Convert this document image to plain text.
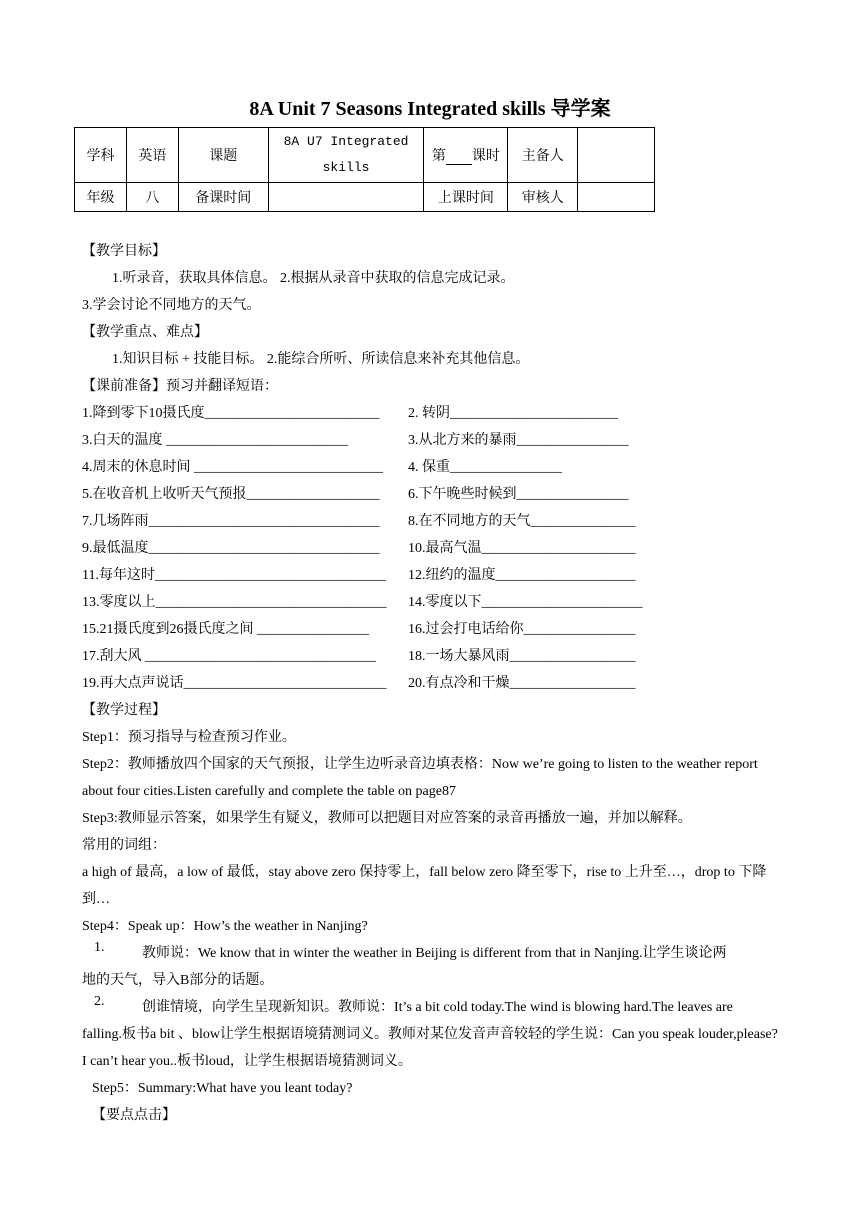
8A Unit 7 Seasons Integrated skills 导学案
学科	英语	课题	8A U7 Integrated skills	第 课时	主备人	
年级	八	备课时间		上课时间	审核人	
【教学目标】
1.听录音，获取具体信息。 2.根据从录音中获取的信息完成记录。
3.学会讨论不同地方的天气。
【教学重点、难点】
1.知识目标 + 技能目标。 2.能综合所听、所读信息来补充其他信息。
【课前准备】预习并翻译短语：
1.降到零下10摄氏度_________________________ 2. 转阴________________________
3.白天的温度 __________________________	3.从北方来的暴雨________________
4.周末的休息时间 ___________________________ 4. 保重________________
5.在收音机上收听天气预报___________________ 6.下午晚些时候到________________
7.几场阵雨_________________________________ 8.在不同地方的天气_______________
9.最低温度_________________________________ 10.最高气温______________________
11.每年这时_________________________________ 12.纽约的温度____________________
13.零度以上_________________________________ 14.零度以下_______________________
15.21摄氏度到26摄氏度之间 ________________	16.过会打电话给你________________
17.刮大风 _________________________________ 18.一场大暴风雨__________________
19.再大点声说话_____________________________ 20.有点冷和干燥__________________
【教学过程】
Step1：预习指导与检查预习作业。
Step2：教师播放四个国家的天气预报，让学生边听录音边填表格：Now we’re going to listen to the weather report about four cities.Listen carefully and complete the table on page87
Step3:教师显示答案，如果学生有疑义，教师可以把题目对应答案的录音再播放一遍，并加以解释。
常用的词组：
a high of 最高，a low of 最低，stay above zero 保持零上，fall below zero 降至零下，rise to 上升至…，drop to 下降到…
Step4：Speak up：How’s the weather in Nanjing?
1.	教师说：We know that in winter the weather in Beijing is different from that in Nanjing.让学生谈论两
地的天气，导入B部分的话题。
2.	创谁情境，向学生呈现新知识。教师说：It’s a bit cold today.The wind is blowing hard.The leaves are
falling.板书a bit 、blow让学生根据语境猜测词义。教师对某位发音声音较轻的学生说：Can you speak louder,please?I can’t hear you..板书loud，让学生根据语境猜测词义。
Step5：Summary:What have you leant today?
【要点点击】
